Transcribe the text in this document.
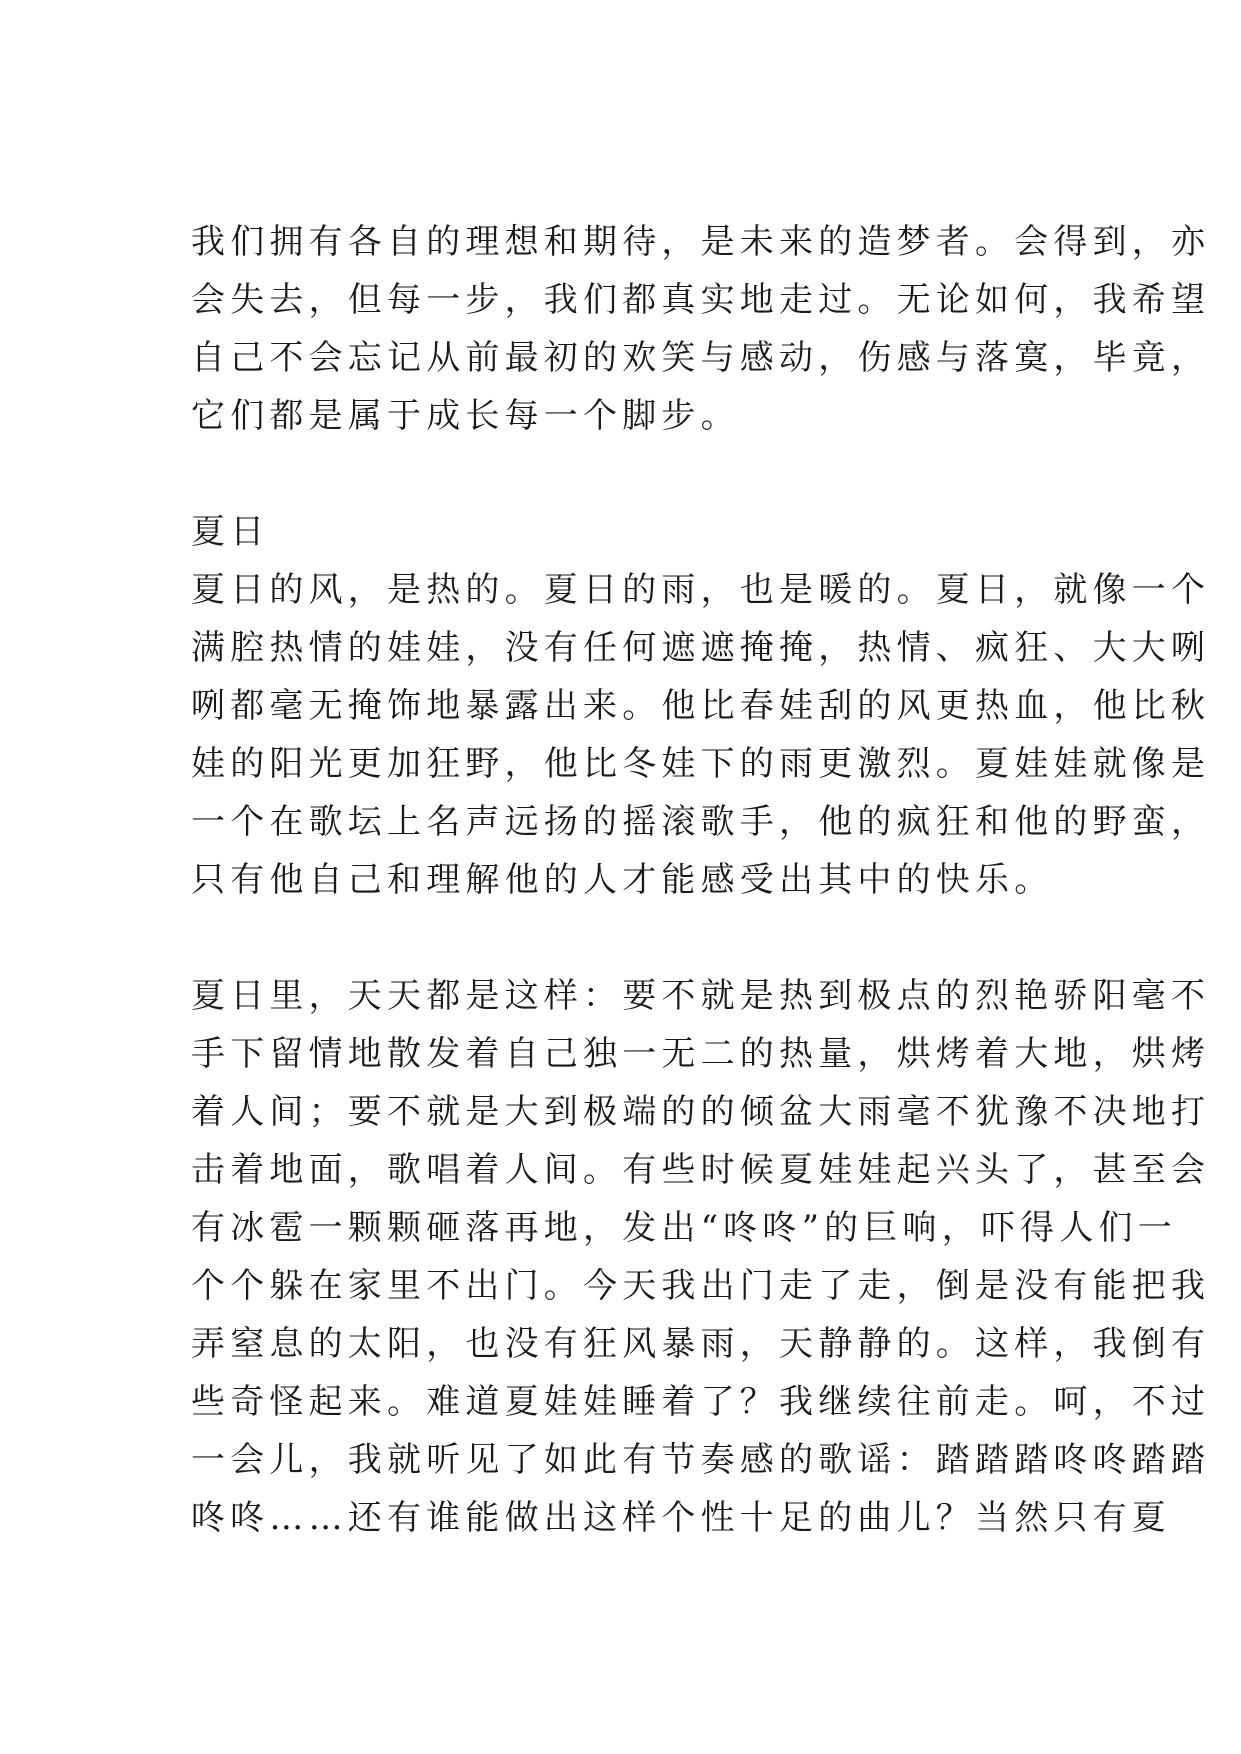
我们拥有各自的理想和期待，是未来的造梦者。会得到，亦
会失去，但每一步，我们都真实地走过。无论如何，我希望
自己不会忘记从前最初的欢笑与感动，伤感与落寞，毕竟，
它们都是属于成长每一个脚步。
夏日
夏日的风，是热的。夏日的雨，也是暖的。夏日，就像一个
满腔热情的娃娃，没有任何遮遮掩掩，热情、疯狂、大大咧
咧都毫无掩饰地暴露出来。他比春娃刮的风更热血，他比秋
娃的阳光更加狂野，他比冬娃下的雨更激烈。夏娃娃就像是
一个在歌坛上名声远扬的摇滚歌手，他的疯狂和他的野蛮，
只有他自己和理解他的人才能感受出其中的快乐。
夏日里，天天都是这样：要不就是热到极点的烈艳骄阳毫不
手下留情地散发着自己独一无二的热量，烘烤着大地，烘烤
着人间；要不就是大到极端的的倾盆大雨毫不犹豫不决地打
击着地面，歌唱着人间。有些时候夏娃娃起兴头了，甚至会
有冰雹一颗颗砸落再地，发出“咚咚”的巨响，吓得人们一
个个躲在家里不出门。今天我出门走了走，倒是没有能把我
弄窒息的太阳，也没有狂风暴雨，天静静的。这样，我倒有
些奇怪起来。难道夏娃娃睡着了？我继续往前走。呵，不过
一会儿，我就听见了如此有节奏感的歌谣：踏踏踏咚咚踏踏
咚咚……还有谁能做出这样个性十足的曲儿？当然只有夏
